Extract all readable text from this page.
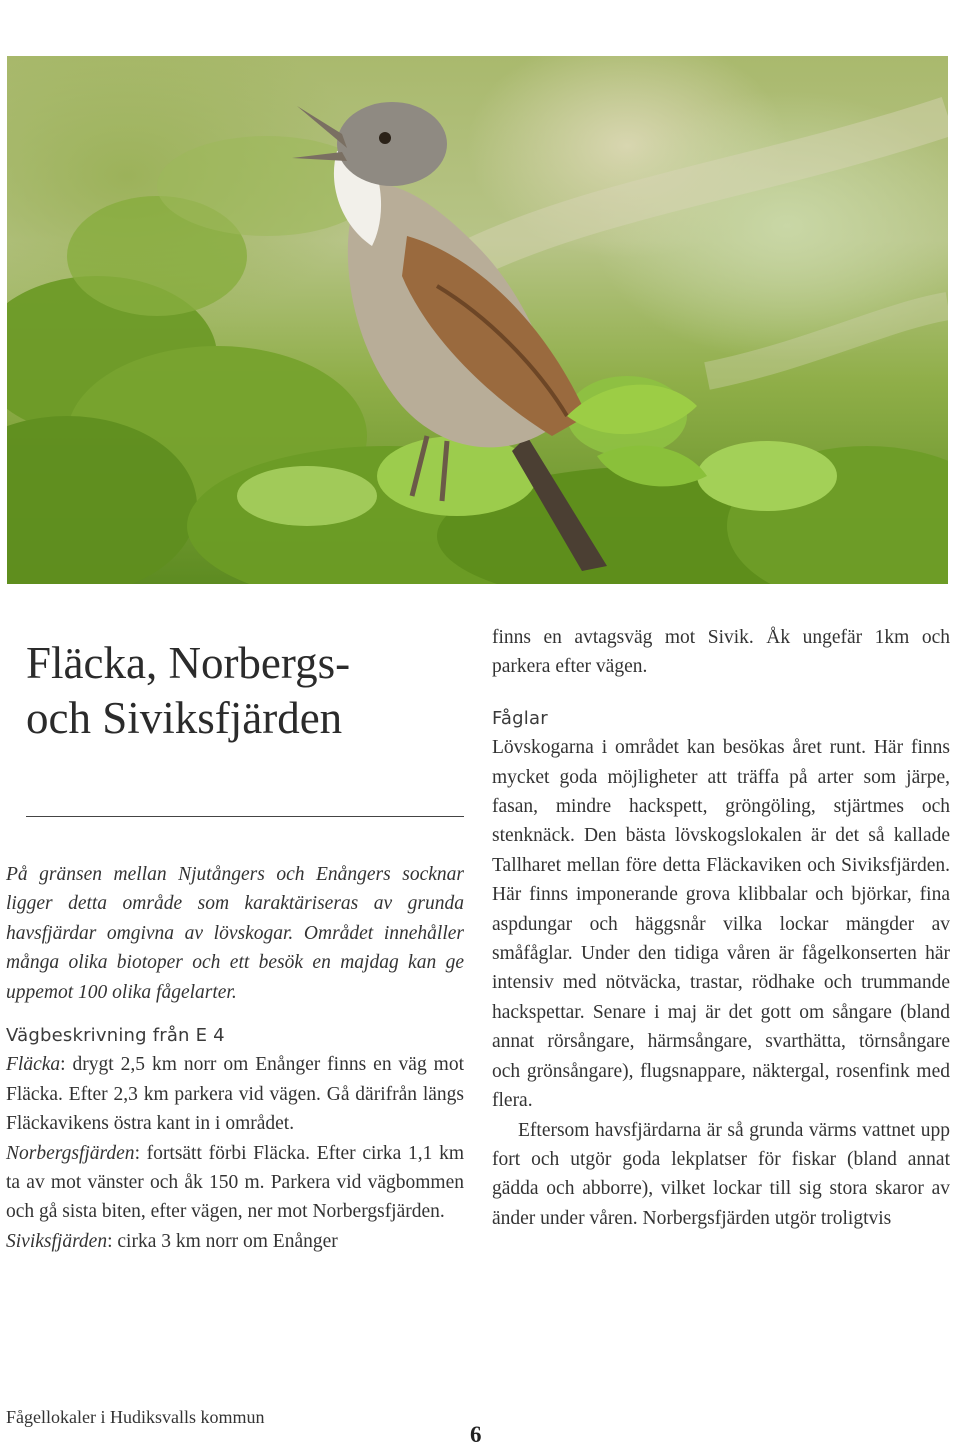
Fläcka, Norbergs-
och Siviksfjärden

På gränsen mellan Njutångers och Enångers socknar ligger detta område som karaktäriseras av grunda havsfjärdar omgivna av lövskogar. Området innehåller många olika biotoper och ett besök en majdag kan ge uppemot 100 olika fågelarter.

Vägbeskrivning från E 4

Fläcka: drygt 2,5 km norr om Enånger finns en väg mot Fläcka. Efter 2,3 km parkera vid vägen. Gå därifrån längs Fläckavikens östra kant in i området.

Norbergsfjärden: fortsätt förbi Fläcka. Efter cirka 1,1 km ta av mot vänster och åk 150 m. Parkera vid vägbommen och gå sista biten, efter vägen, ner mot Norbergsfjärden.

Siviksfjärden: cirka 3 km norr om Enånger

finns en avtagsväg mot Sivik. Åk ungefär 1km och parkera efter vägen.

Fåglar

Lövskogarna i området kan besökas året runt. Här finns mycket goda möjligheter att träffa på arter som järpe, fasan, mindre hackspett, gröngöling, stjärtmes och stenknäck. Den bästa lövskogslokalen är det så kallade Tallharet mellan före detta Fläckaviken och Siviksfjärden. Här finns imponerande grova klibbalar och björkar, fina aspdungar och häggsnår vilka lockar mängder av småfåglar. Under den tidiga våren är fågelkonserten här intensiv med nötväcka, trastar, rödhake och trummande hackspettar. Senare i maj är det gott om sångare (bland annat rörsångare, härmsångare, svarthätta, törnsångare och grönsångare), flugsnappare, näktergal, rosenfink med flera.

Eftersom havsfjärdarna är så grunda värms vattnet upp fort och utgör goda lekplatser för fiskar (bland annat gädda och abborre), vilket lockar till sig stora skaror av änder under våren. Norbergsfjärden utgör troligtvis

Fågellokaler i Hudiksvalls kommun
6
